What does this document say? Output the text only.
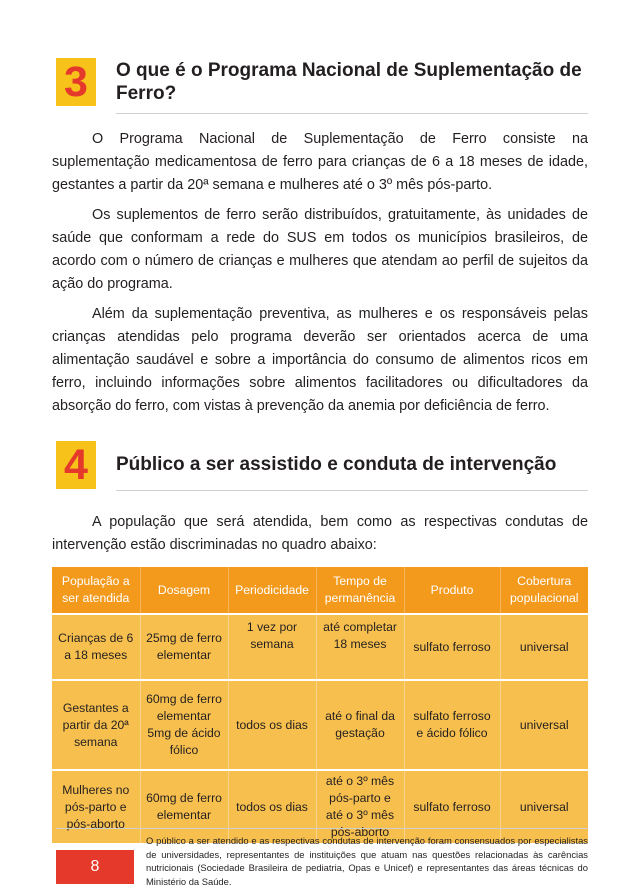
3	O que é o Programa Nacional de Suplementação de Ferro?

O Programa Nacional de Suplementação de Ferro consiste na suplementação medicamentosa de ferro para crianças de 6 a 18 meses de idade, gestantes a partir da 20ª semana e mulheres até o 3º mês pós-parto.

Os suplementos de ferro serão distribuídos, gratuitamente, às unidades de saúde que conformam a rede do SUS em todos os municípios brasileiros, de acordo com o número de crianças e mulheres que atendam ao perfil de sujeitos da ação do programa.

Além da suplementação preventiva, as mulheres e os responsáveis pelas crianças atendidas pelo programa deverão ser orientados acerca de uma alimentação saudável e sobre a importância do consumo de alimentos ricos em ferro, incluindo informações sobre alimentos facilitadores ou dificultadores da absorção do ferro, com vistas à prevenção da anemia por deficiência de ferro.

4	Público a ser assistido e conduta de intervenção

A população que será atendida, bem como as respectivas condutas de intervenção estão discriminadas no quadro abaixo:

População a ser atendida	Dosagem	Periodicidade	Tempo de permanência	Produto	Cobertura populacional
Crianças de 6 a 18 meses	25mg de ferro elementar	1 vez por semana	até completar 18 meses	sulfato ferroso	universal
Gestantes a partir da 20ª semana	60mg de ferro elementar 5mg de ácido fólico	todos os dias	até o final da gestação	sulfato ferroso e ácido fólico	universal
Mulheres no pós-parto e pós-aborto	60mg de ferro elementar	todos os dias	até o 3º mês pós-parto e até o 3º mês pós-aborto	sulfato ferroso	universal
8
O público a ser atendido e as respectivas condutas de intervenção foram consensuados por especialistas de universidades, representantes de instituições que atuam nas questões relacionadas às carências nutricionais (Sociedade Brasileira de pediatria, Opas e Unicef) e representantes das áreas técnicas do Ministério da Saúde.
